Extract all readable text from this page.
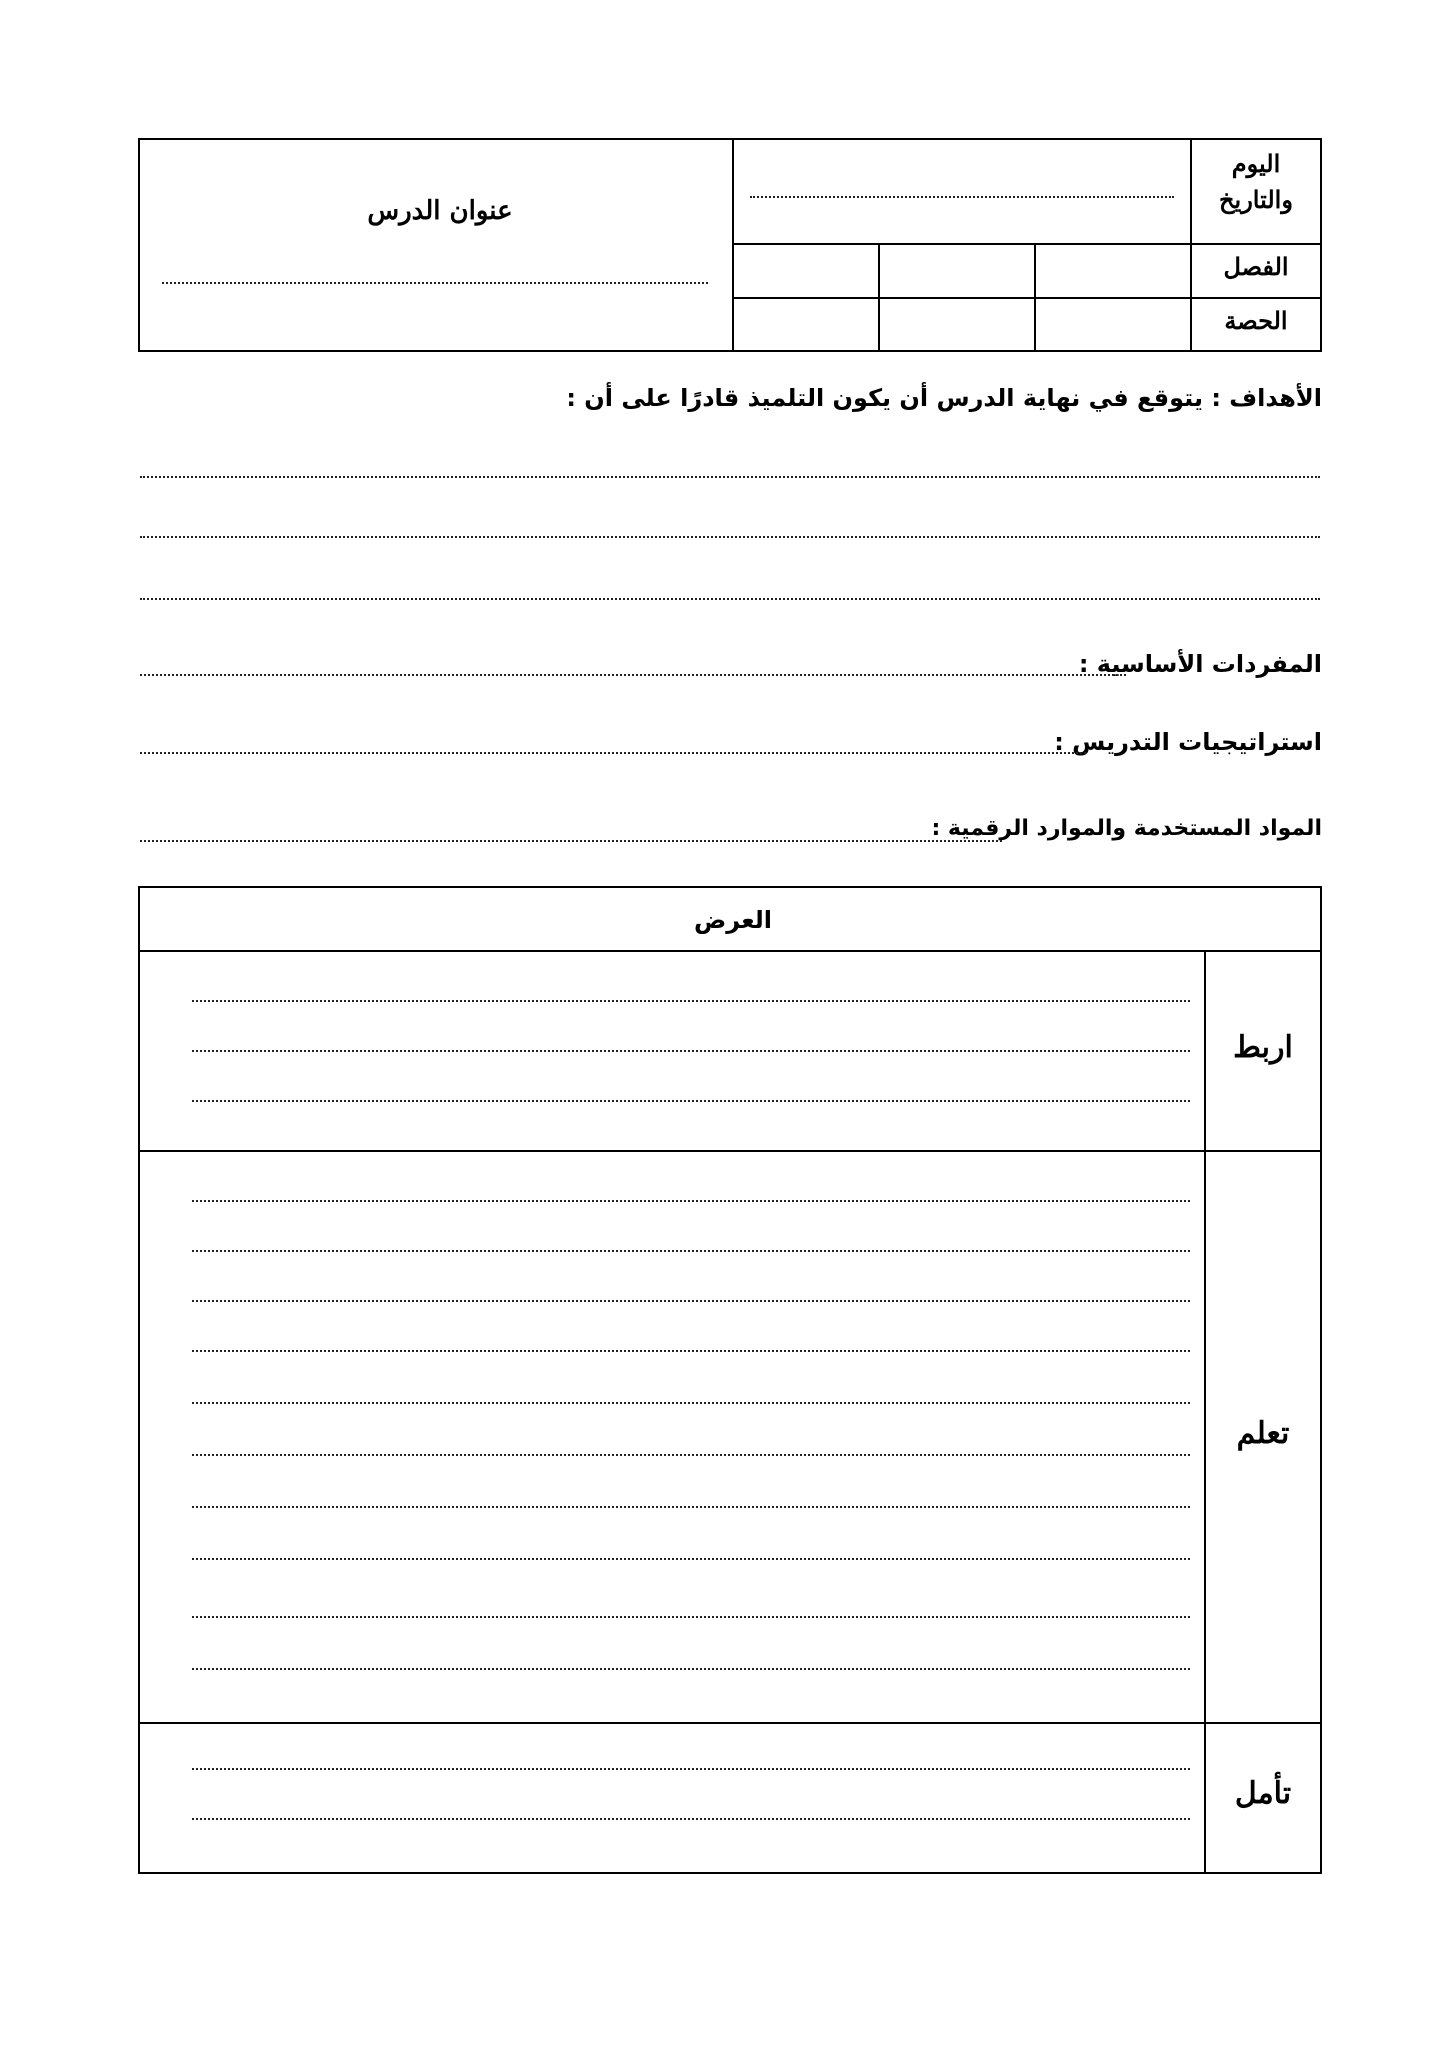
عنوان الدرس
اليوم
والتاريخ
الفصل
الحصة
الأهداف : يتوقع في نهاية الدرس أن يكون التلميذ قادرًا على أن :
المفردات الأساسية :
استراتيجيات التدريس :
المواد المستخدمة والموارد الرقمية :
العرض
اربط
تعلم
تأمل
